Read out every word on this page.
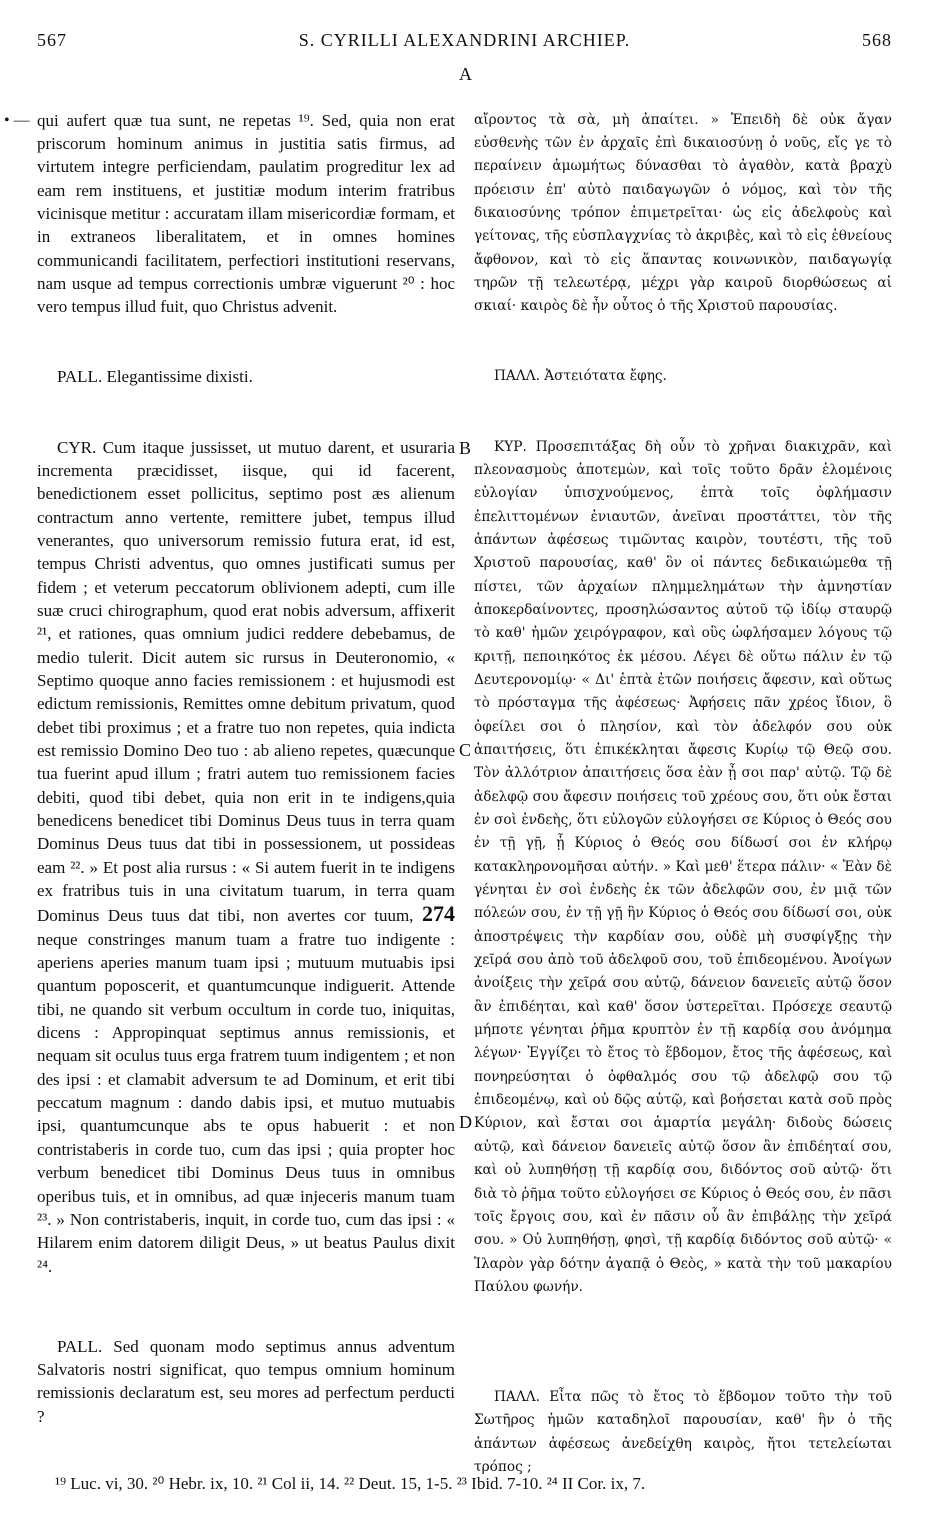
567	S. CYRILLI ALEXANDRINI ARCHIEP.	568
• —
A
B
C
D

qui aufert quæ tua sunt, ne repetas ¹⁹. Sed, quia non erat priscorum hominum animus in justitia satis firmus, ad virtutem integre perficiendam, paulatim progreditur lex ad eam rem instituens, et justitiæ modum interim fratribus vicinisque metitur : accuratam illam misericordiæ formam, et in extraneos liberalitatem, et in omnes homines communicandi facilitatem, perfectiori institutioni reservans, nam usque ad tempus correctionis umbræ viguerunt ²⁰ : hoc vero tempus illud fuit, quo Christus advenit.

PALL. Elegantissime dixisti.

CYR. Cum itaque jussisset, ut mutuo darent, et usuraria incrementa præcidisset, iisque, qui id facerent, benedictionem esset pollicitus, septimo post æs alienum contractum anno vertente, remittere jubet, tempus illud venerantes, quo universorum remissio futura erat, id est, tempus Christi adventus, quo omnes justificati sumus per fidem ; et veterum peccatorum oblivionem adepti, cum ille suæ cruci chirographum, quod erat nobis adversum, affixerit ²¹, et rationes, quas omnium judici reddere debebamus, de medio tulerit. Dicit autem sic rursus in Deuteronomio, « Septimo quoque anno facies remissionem : et hujusmodi est edictum remissionis, Remittes omne debitum privatum, quod debet tibi proximus ; et a fratre tuo non repetes, quia indicta est remissio Domino Deo tuo : ab alieno repetes, quæcunque tua fuerint apud illum ; fratri autem tuo remissionem facies debiti, quod tibi debet, quia non erit in te indigens,quia benedicens benedicet tibi Dominus Deus tuus in terra quam Dominus Deus tuus dat tibi in possessionem, ut possideas eam ²². » Et post alia rursus : « Si autem fuerit in te indigens ex fratribus tuis in una civitatum tuarum, in terra quam Dominus Deus tuus dat tibi, non avertes cor tuum, 274 neque constringes manum tuam a fratre tuo indigente : aperiens aperies manum tuam ipsi ; mutuum mutuabis ipsi quantum poposcerit, et quantumcunque indiguerit. Attende tibi, ne quando sit verbum occultum in corde tuo, iniquitas, dicens : Appropinquat septimus annus remissionis, et nequam sit oculus tuus erga fratrem tuum indigentem ; et non des ipsi : et clamabit adversum te ad Dominum, et erit tibi peccatum magnum : dando dabis ipsi, et mutuo mutuabis ipsi, quantumcunque abs te opus habuerit : et non contristaberis in corde tuo, cum das ipsi ; quia propter hoc verbum benedicet tibi Dominus Deus tuus in omnibus operibus tuis, et in omnibus, ad quæ injeceris manum tuam ²³. » Non contristaberis, inquit, in corde tuo, cum das ipsi : « Hilarem enim datorem diligit Deus, » ut beatus Paulus dixit ²⁴.

PALL. Sed quonam modo septimus annus adventum Salvatoris nostri significat, quo tempus omnium hominum remissionis declaratum est, seu mores ad perfectum perducti ?

αἴροντος τὰ σὰ, μὴ ἀπαίτει. » Ἐπειδὴ δὲ οὐκ ἄγαν εὐσθενὴς τῶν ἐν ἀρχαῖς ἐπὶ δικαιοσύνῃ ὁ νοῦς, εἴς γε τὸ περαίνειν ἀμωμήτως δύνασθαι τὸ ἀγαθὸν, κατὰ βραχὺ πρόεισιν ἐπ' αὐτὸ παιδαγωγῶν ὁ νόμος, καὶ τὸν τῆς δικαιοσύνης τρόπον ἐπιμετρεῖται· ὡς εἰς ἀδελφοὺς καὶ γείτονας, τῆς εὐσπλαγχνίας τὸ ἀκριβὲς, καὶ τὸ εἰς ἐθνείους ἄφθονον, καὶ τὸ εἰς ἅπαντας κοινωνικὸν, παιδαγωγίᾳ τηρῶν τῇ τελεωτέρᾳ, μέχρι γὰρ καιροῦ διορθώσεως αἱ σκιαί· καιρὸς δὲ ἦν οὗτος ὁ τῆς Χριστοῦ παρουσίας.

ΠΑΛΛ. Ἀστειότατα ἔφης.

ΚΥΡ. Προσεπιτάξας δὴ οὖν τὸ χρῆναι διακιχρᾶν, καὶ πλεονασμοὺς ἀποτεμὼν, καὶ τοῖς τοῦτο δρᾶν ἑλομένοις εὐλογίαν ὑπισχνούμενος, ἑπτὰ τοῖς ὀφλήμασιν ἐπελιττομένων ἐνιαυτῶν, ἀνεῖναι προστάττει, τὸν τῆς ἁπάντων ἀφέσεως τιμῶντας καιρὸν, τουτέστι, τῆς τοῦ Χριστοῦ παρουσίας, καθ' ὃν οἱ πάντες δεδικαιώμεθα τῇ πίστει, τῶν ἀρχαίων πλημμελημάτων τὴν ἀμνηστίαν ἀποκερδαίνοντες, προσηλώσαντος αὐτοῦ τῷ ἰδίῳ σταυρῷ τὸ καθ' ἡμῶν χειρόγραφον, καὶ οὓς ὠφλήσαμεν λόγους τῷ κριτῇ, πεποιηκότος ἐκ μέσου. Λέγει δὲ οὕτω πάλιν ἐν τῷ Δευτερονομίῳ· « Δι' ἑπτὰ ἐτῶν ποιήσεις ἄφεσιν, καὶ οὕτως τὸ πρόσταγμα τῆς ἀφέσεως· Ἀφήσεις πᾶν χρέος ἴδιον, ὃ ὀφείλει σοι ὁ πλησίον, καὶ τὸν ἀδελφόν σου οὐκ ἀπαιτήσεις, ὅτι ἐπικέκληται ἄφεσις Κυρίῳ τῷ Θεῷ σου. Τὸν ἀλλότριον ἀπαιτήσεις ὅσα ἐὰν ᾖ σοι παρ' αὐτῷ. Τῷ δὲ ἀδελφῷ σου ἄφεσιν ποιήσεις τοῦ χρέους σου, ὅτι οὐκ ἔσται ἐν σοὶ ἐνδεὴς, ὅτι εὐλογῶν εὐλογήσει σε Κύριος ὁ Θεός σου ἐν τῇ γῇ, ᾗ Κύριος ὁ Θεός σου δίδωσί σοι ἐν κλήρῳ κατακληρονομῆσαι αὐτήν. » Καὶ μεθ' ἕτερα πάλιν· « Ἐὰν δὲ γένηται ἐν σοὶ ἐνδεὴς ἐκ τῶν ἀδελφῶν σου, ἐν μιᾷ τῶν πόλεών σου, ἐν τῇ γῇ ἣν Κύριος ὁ Θεός σου δίδωσί σοι, οὐκ ἀποστρέψεις τὴν καρδίαν σου, οὐδὲ μὴ συσφίγξῃς τὴν χεῖρά σου ἀπὸ τοῦ ἀδελφοῦ σου, τοῦ ἐπιδεομένου. Ἀνοίγων ἀνοίξεις τὴν χεῖρά σου αὐτῷ, δάνειον δανειεῖς αὐτῷ ὅσον ἂν ἐπιδέηται, καὶ καθ' ὅσον ὑστερεῖται. Πρόσεχε σεαυτῷ μήποτε γένηται ῥῆμα κρυπτὸν ἐν τῇ καρδίᾳ σου ἀνόμημα λέγων· Ἐγγίζει τὸ ἔτος τὸ ἕβδομον, ἔτος τῆς ἀφέσεως, καὶ πονηρεύσηται ὁ ὀφθαλμός σου τῷ ἀδελφῷ σου τῷ ἐπιδεομένῳ, καὶ οὐ δῷς αὐτῷ, καὶ βοήσεται κατὰ σοῦ πρὸς Κύριον, καὶ ἔσται σοι ἁμαρτία μεγάλη· διδοὺς δώσεις αὐτῷ, καὶ δάνειον δανειεῖς αὐτῷ ὅσον ἂν ἐπιδέηταί σου, καὶ οὐ λυπηθήσῃ τῇ καρδίᾳ σου, διδόντος σοῦ αὐτῷ· ὅτι διὰ τὸ ῥῆμα τοῦτο εὐλογήσει σε Κύριος ὁ Θεός σου, ἐν πᾶσι τοῖς ἔργοις σου, καὶ ἐν πᾶσιν οὗ ἂν ἐπιβάλῃς τὴν χεῖρά σου. » Οὐ λυπηθήσῃ, φησὶ, τῇ καρδίᾳ διδόντος σοῦ αὐτῷ· « Ἱλαρὸν γὰρ δότην ἀγαπᾷ ὁ Θεὸς, » κατὰ τὴν τοῦ μακαρίου Παύλου φωνήν.

ΠΑΛΛ. Εἶτα πῶς τὸ ἔτος τὸ ἕβδομον τοῦτο τὴν τοῦ Σωτῆρος ἡμῶν καταδηλοῖ παρουσίαν, καθ' ἣν ὁ τῆς ἁπάντων ἀφέσεως ἀνεδείχθη καιρὸς, ἤτοι τετελείωται τρόπος ;

¹⁹ Luc. vi, 30. ²⁰ Hebr. ix, 10. ²¹ Col ii, 14. ²² Deut. 15, 1-5. ²³ Ibid. 7-10. ²⁴ II Cor. ix, 7.
